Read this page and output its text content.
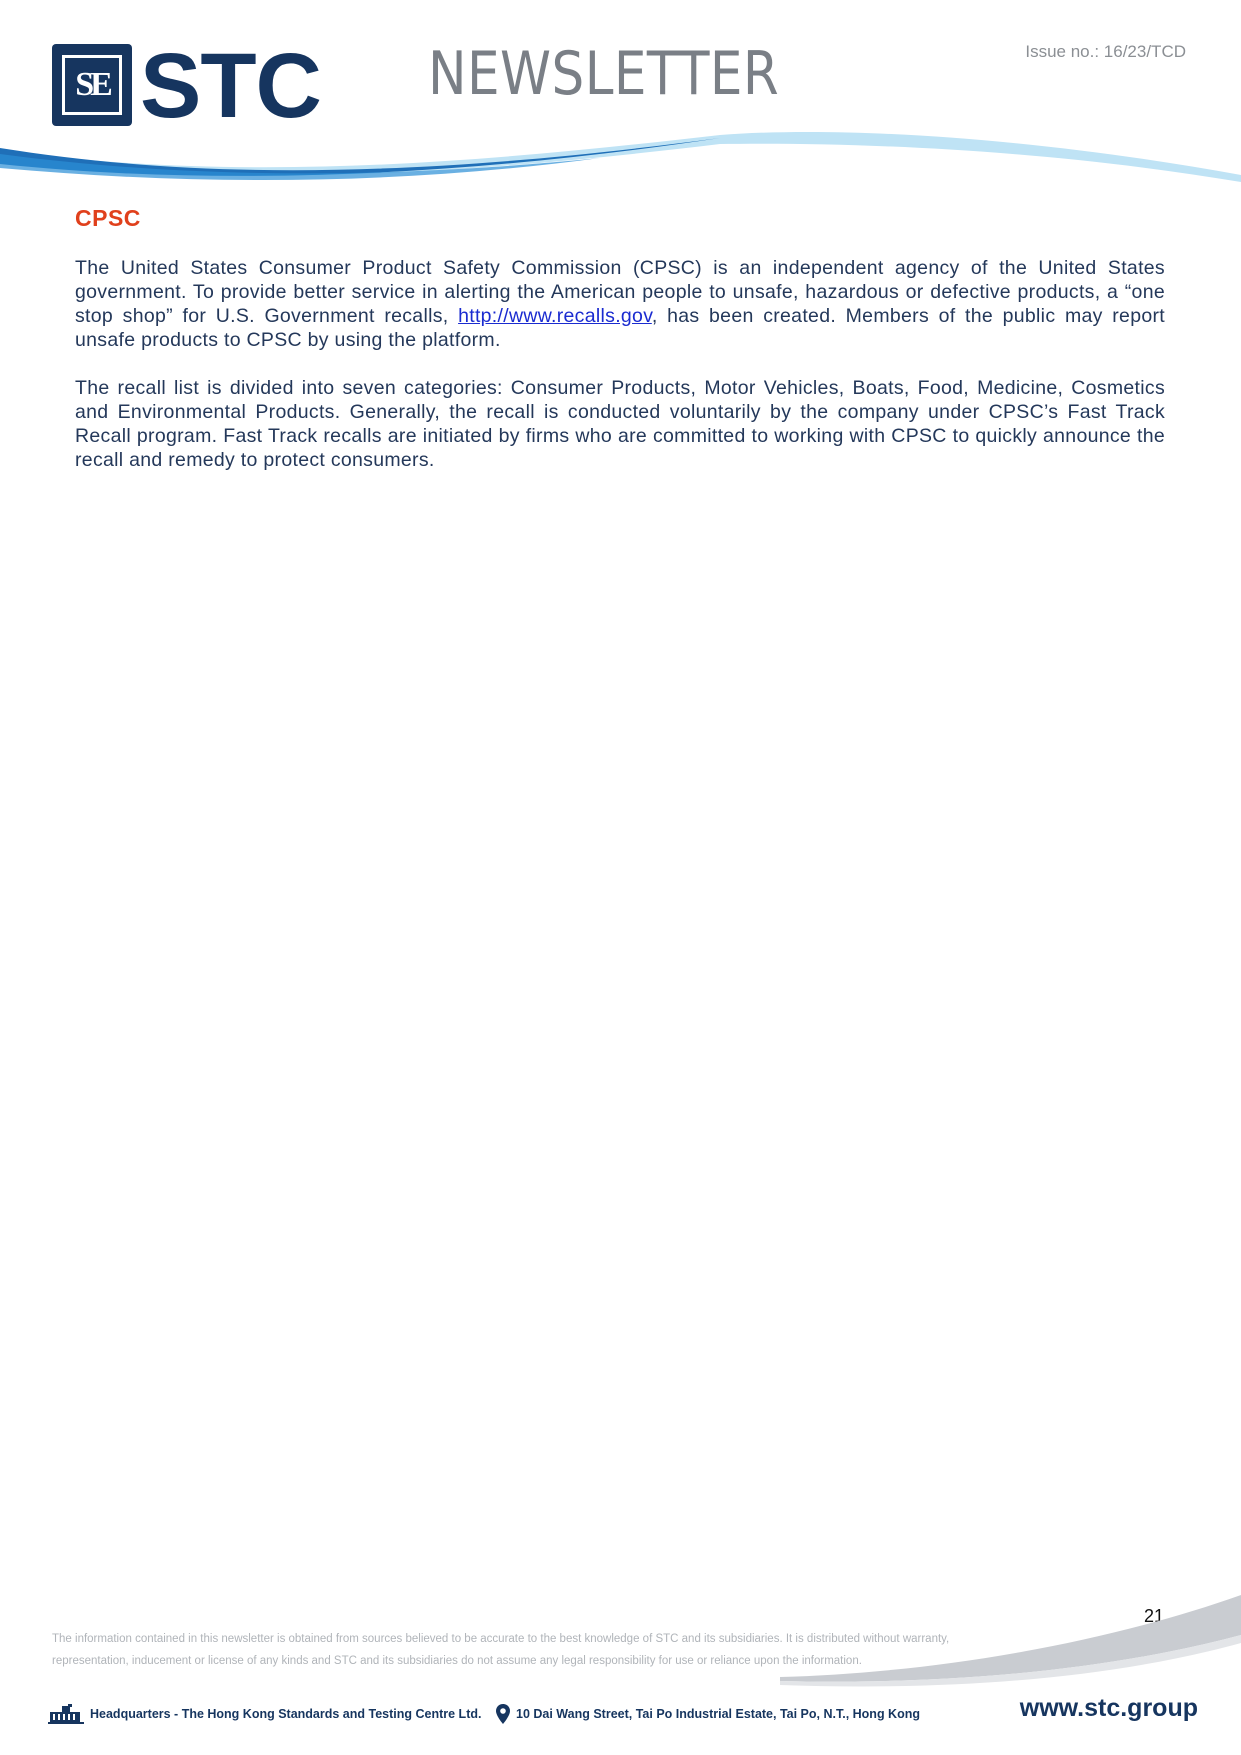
SE STC NEWSLETTER	Issue no.: 16/23/TCD
CPSC

The United States Consumer Product Safety Commission (CPSC) is an independent agency of the United States government. To provide better service in alerting the American people to unsafe, hazardous or defective products, a “one stop shop” for U.S. Government recalls, http://www.recalls.gov, has been created. Members of the public may report unsafe products to CPSC by using the platform.

The recall list is divided into seven categories: Consumer Products, Motor Vehicles, Boats, Food, Medicine, Cosmetics and Environmental Products. Generally, the recall is conducted voluntarily by the company under CPSC’s Fast Track Recall program. Fast Track recalls are initiated by firms who are committed to working with CPSC to quickly announce the recall and remedy to protect consumers.

21
The information contained in this newsletter is obtained from sources believed to be accurate to the best knowledge of STC and its subsidiaries. It is distributed without warranty, representation, inducement or license of any kinds and STC and its subsidiaries do not assume any legal responsibility for use or reliance upon the information.
Headquarters - The Hong Kong Standards and Testing Centre Ltd.	10 Dai Wang Street, Tai Po Industrial Estate, Tai Po, N.T., Hong Kong	www.stc.group
